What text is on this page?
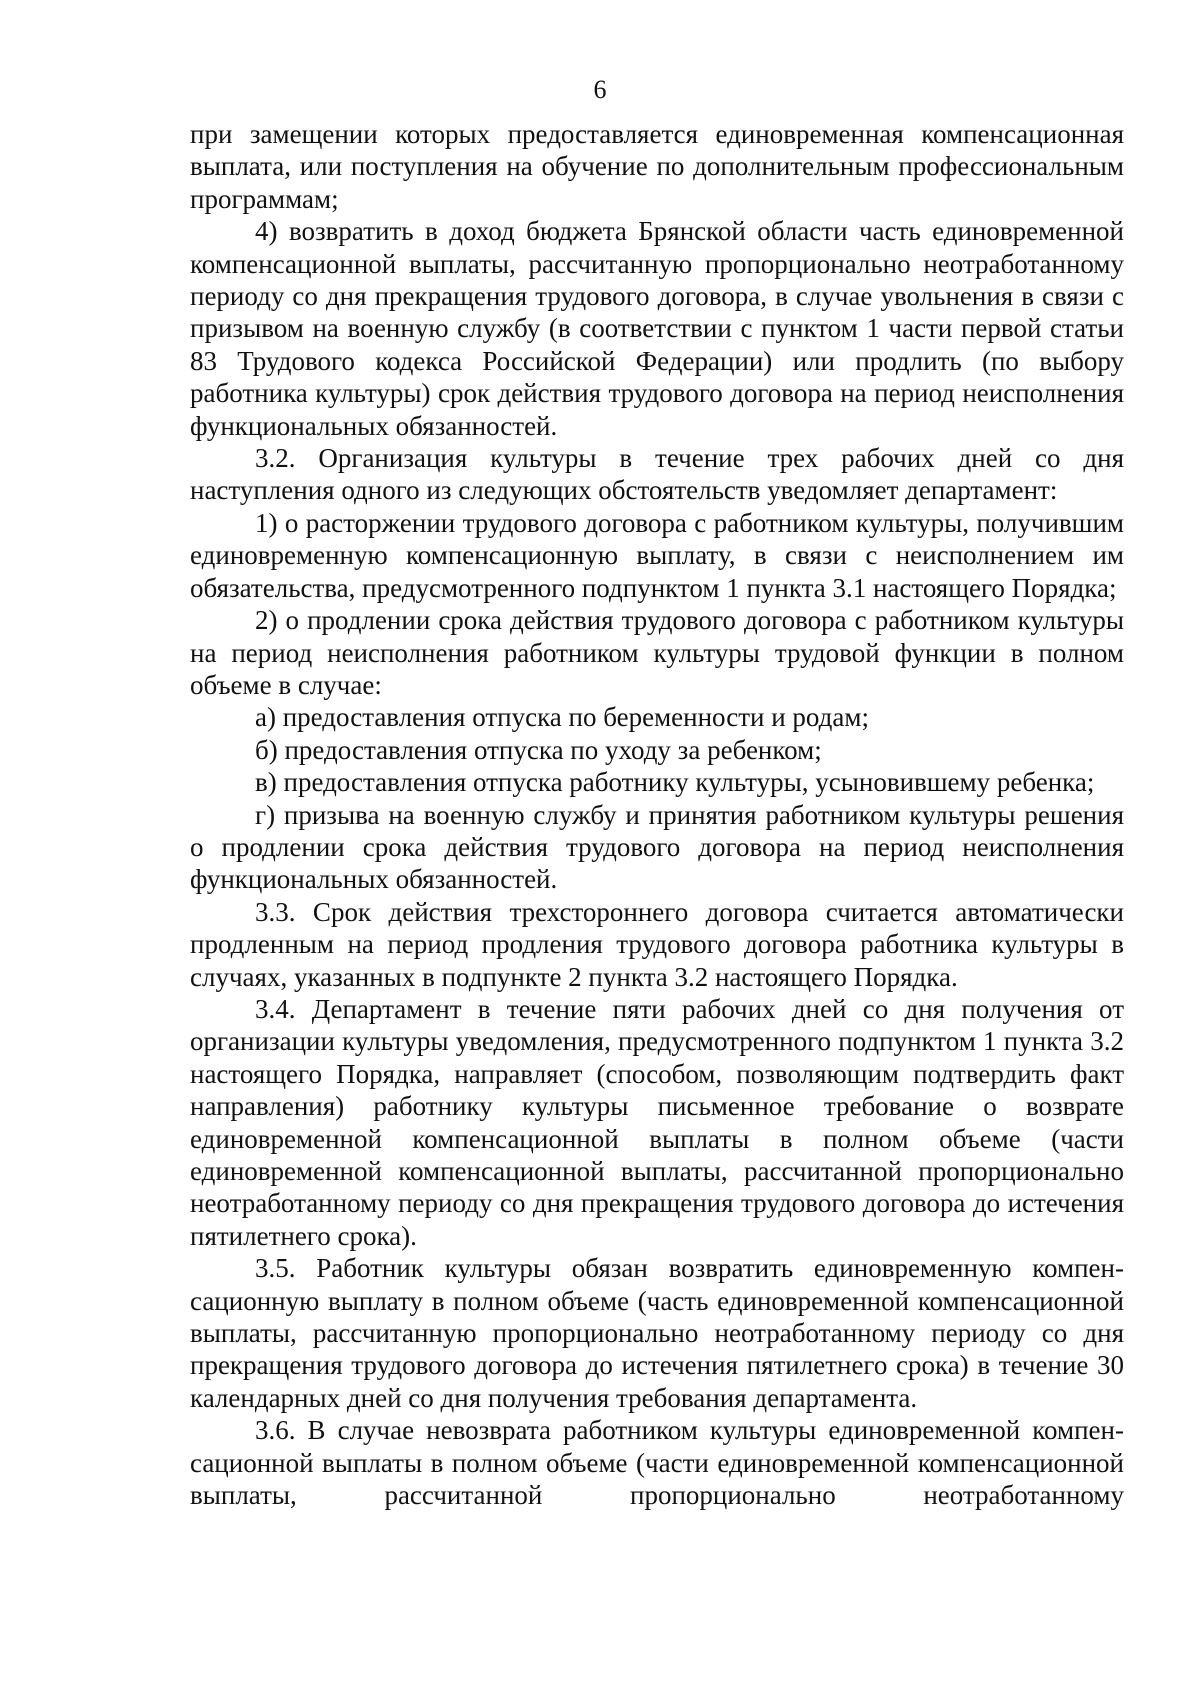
6

при замещении которых предоставляется единовременная компенсационная выплата, или поступления на обучение по дополнительным профессиональным программам;

4) возвратить в доход бюджета Брянской области часть единовременной компенсационной выплаты, рассчитанную пропорционально неотработанному периоду со дня прекращения трудового договора, в случае увольнения в связи с призывом на военную службу (в соответствии с пунктом 1 части первой статьи 83 Трудового кодекса Российской Федерации) или продлить (по выбору работника культуры) срок действия трудового договора на период неисполнения функциональных обязанностей.

3.2. Организация культуры в течение трех рабочих дней со дня наступления одного из следующих обстоятельств уведомляет департамент:

1) о расторжении трудового договора с работником культуры, получившим единовременную компенсационную выплату, в связи с неисполнением им обязательства, предусмотренного подпунктом 1 пункта 3.1 настоящего Порядка;

2) о продлении срока действия трудового договора с работником культуры на период неисполнения работником культуры трудовой функции в полном объеме в случае:

а) предоставления отпуска по беременности и родам;

б) предоставления отпуска по уходу за ребенком;

в) предоставления отпуска работнику культуры, усыновившему ребенка;

г) призыва на военную службу и принятия работником культуры решения о продлении срока действия трудового договора на период неисполнения функциональных обязанностей.

3.3. Срок действия трехстороннего договора считается автоматически продленным на период продления трудового договора работника культуры в случаях, указанных в подпункте 2 пункта 3.2 настоящего Порядка.

3.4. Департамент в течение пяти рабочих дней со дня получения от организации культуры уведомления, предусмотренного подпунктом 1 пункта 3.2 настоящего Порядка, направляет (способом, позволяющим подтвердить факт направления) работнику культуры письменное требование о возврате единовременной компенсационной выплаты в полном объеме (части единовременной компенсационной выплаты, рассчитанной пропорционально неотработанному периоду со дня прекращения трудового договора до истечения пятилетнего срока).

3.5. Работник культуры обязан возвратить единовременную компенсационную выплату в полном объеме (часть единовременной компенсационной выплаты, рассчитанную пропорционально неотработанному периоду со дня прекращения трудового договора до истечения пятилетнего срока) в течение 30 календарных дней со дня получения требования департамента.

3.6. В случае невозврата работником культуры единовременной компенсационной выплаты в полном объеме (части единовременной компенсационной выплаты, рассчитанной пропорционально неотработанному
